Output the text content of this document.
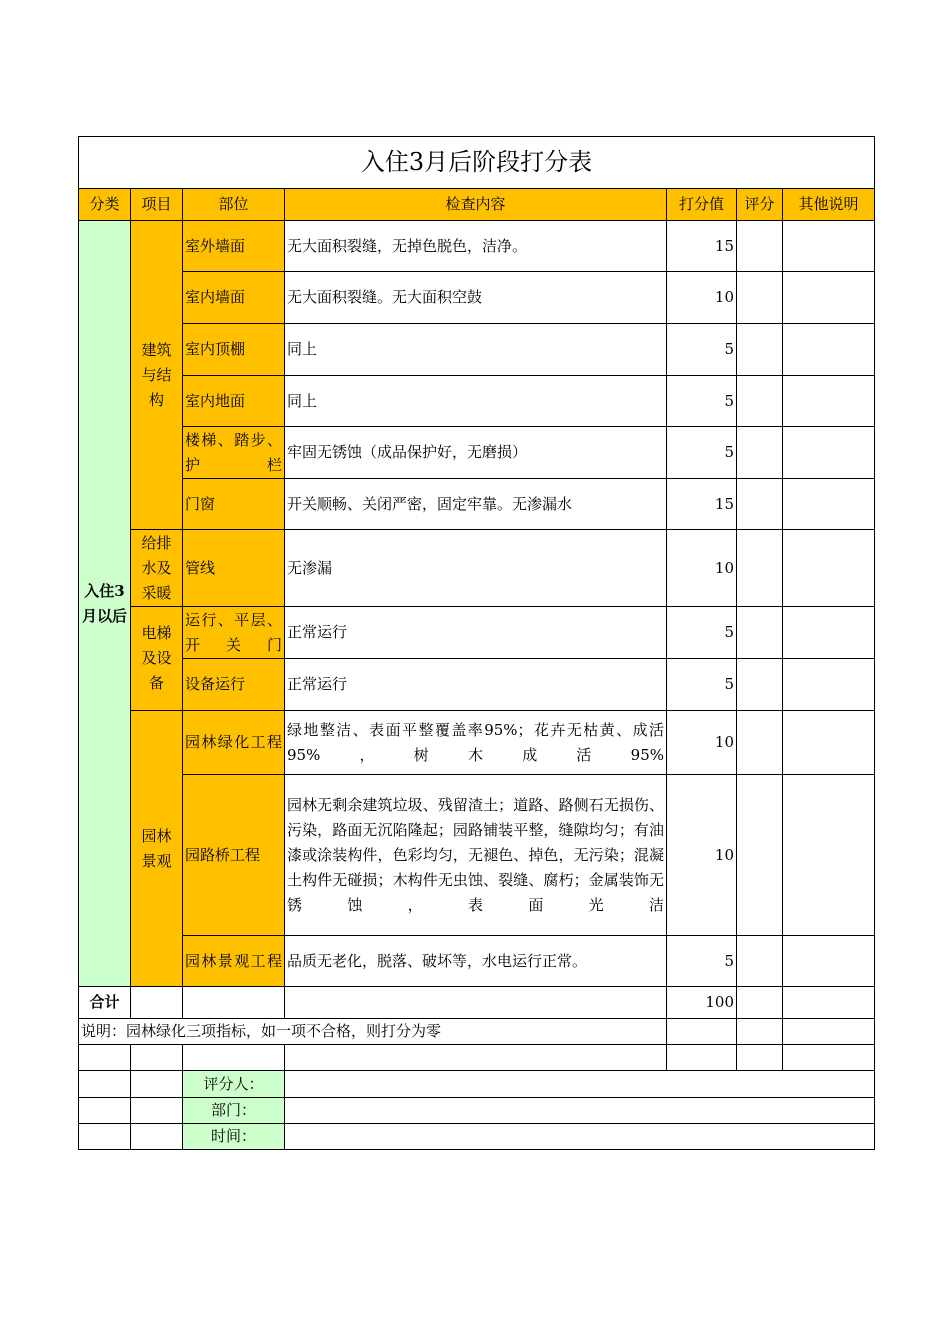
入住3月后阶段打分表						
分类	项目	部位	检查内容	打分值	评分	其他说明
入住3月以后	建筑与结构	室外墙面	无大面积裂缝，无掉色脱色，洁净。	15		
		室内墙面	无大面积裂缝。无大面积空鼓	10		
		室内顶棚	同上	5		
		室内地面	同上	5		
		楼梯、踏步、护栏	牢固无锈蚀（成品保护好，无磨损）	5		
		门窗	开关顺畅、关闭严密，固定牢靠。无渗漏水	15		
	给排水及采暖	管线	无渗漏	10		
	电梯及设备	运行、平层、开关门	正常运行	5		
		设备运行	正常运行	5		
	园林景观	园林绿化工程	绿地整洁、表面平整覆盖率95%；花卉无枯黄、成活95%，树木成活95%	10		
		园路桥工程	园林无剩余建筑垃圾、残留渣土；道路、路侧石无损伤、污染，路面无沉陷隆起；园路铺装平整，缝隙均匀；有油漆或涂装构件，色彩均匀，无褪色、掉色，无污染；混凝土构件无碰损；木构件无虫蚀、裂缝、腐朽；金属装饰无锈蚀，表面光洁	10		
		园林景观工程	品质无老化，脱落、破坏等，水电运行正常。	5		
合计				100		
说明：园林绿化三项指标，如一项不合格，则打分为零						

		评分人：				
		部门：				
		时间：				
